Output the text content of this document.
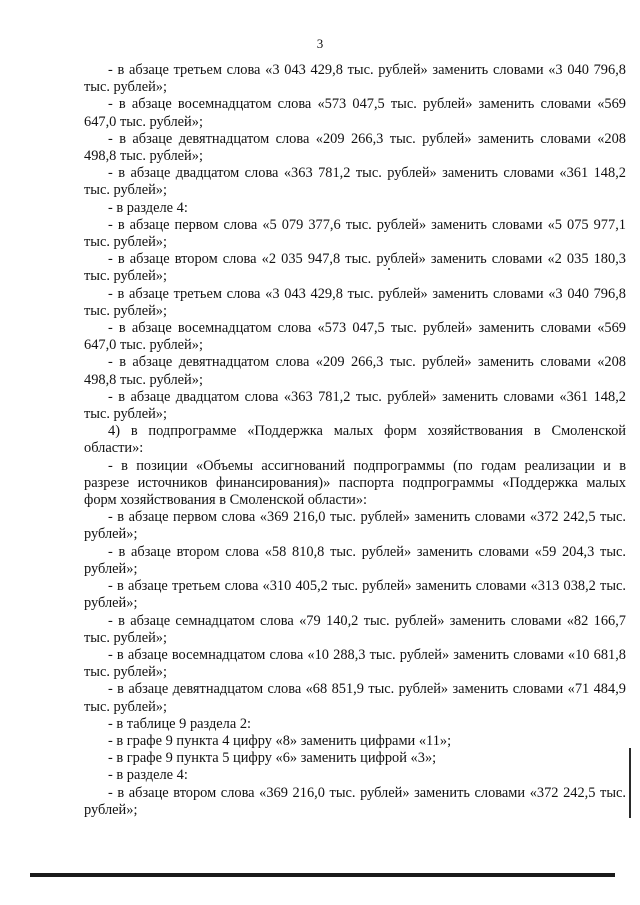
3

- в абзаце третьем слова «3 043 429,8 тыс. рублей» заменить словами «3 040 796,8 тыс. рублей»;

- в абзаце восемнадцатом слова «573 047,5 тыс. рублей» заменить словами «569 647,0 тыс. рублей»;

- в абзаце девятнадцатом слова «209 266,3 тыс. рублей» заменить словами «208 498,8 тыс. рублей»;

- в абзаце двадцатом слова «363 781,2 тыс. рублей» заменить словами «361 148,2 тыс. рублей»;

- в разделе 4:

- в абзаце первом слова «5 079 377,6 тыс. рублей» заменить словами «5 075 977,1 тыс. рублей»;

- в абзаце втором слова «2 035 947,8 тыс. рублей» заменить словами «2 035 180,3 тыс. рублей»;

- в абзаце третьем слова «3 043 429,8 тыс. рублей» заменить словами «3 040 796,8 тыс. рублей»;

- в абзаце восемнадцатом слова «573 047,5 тыс. рублей» заменить словами «569 647,0 тыс. рублей»;

- в абзаце девятнадцатом слова «209 266,3 тыс. рублей» заменить словами «208 498,8 тыс. рублей»;

- в абзаце двадцатом слова «363 781,2 тыс. рублей» заменить словами «361 148,2 тыс. рублей»;

4) в подпрограмме «Поддержка малых форм хозяйствования в Смоленской области»:

- в позиции «Объемы ассигнований подпрограммы (по годам реализации и в разрезе источников финансирования)» паспорта подпрограммы «Поддержка малых форм хозяйствования в Смоленской области»:

- в абзаце первом слова «369 216,0 тыс. рублей» заменить словами «372 242,5 тыс. рублей»;

- в абзаце втором слова «58 810,8 тыс. рублей» заменить словами «59 204,3 тыс. рублей»;

- в абзаце третьем слова «310 405,2 тыс. рублей» заменить словами «313 038,2 тыс. рублей»;

- в абзаце семнадцатом слова «79 140,2 тыс. рублей» заменить словами «82 166,7 тыс. рублей»;

- в абзаце восемнадцатом слова «10 288,3 тыс. рублей» заменить словами «10 681,8 тыс. рублей»;

- в абзаце девятнадцатом слова «68 851,9 тыс. рублей» заменить словами «71 484,9 тыс. рублей»;

- в таблице 9 раздела 2:

- в графе 9 пункта 4 цифру «8» заменить цифрами «11»;

- в графе 9 пункта 5 цифру «6» заменить цифрой «3»;

- в разделе 4:

- в абзаце втором слова «369 216,0 тыс. рублей» заменить словами «372 242,5 тыс. рублей»;
